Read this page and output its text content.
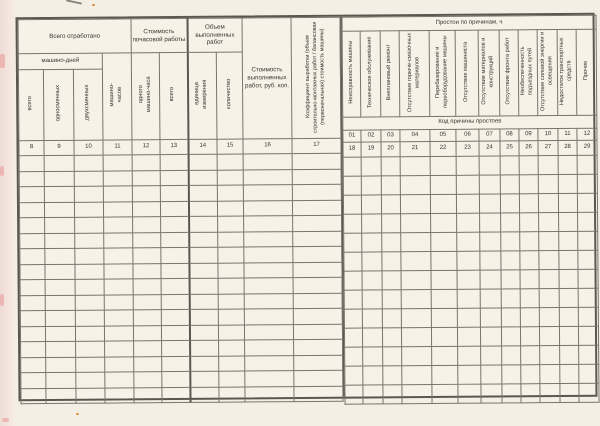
Всего отработано				Стоимость почасовой работы		Объем выполненных работ		Стоимость выполненных работ, руб. коп.	Коэффициент выработки (объем строительно-монтажных работ / балансовая (первоначальная) стоимость машины)
машино-дней			машино-часов	одного машино-часа	всего	единица измерения	количество		
всего	односменных	двухсменных							
8	9	10	11	12	13	14	15	16	17

Простои по причинам, ч											
Неисправность машины	Техническое обслуживание	Внеплановый ремонт	Отсутствие горюче-смазочных материалов	Перебазирование и переоборудование машины	Отсутствие машиниста	Отсутствие материалов и конструкций	Отсутствие фронта работ	Необеспеченность подъездных путей	Отсутствие силовой энергии и освещения	Недостаток транспортных средств	Прочие
Код причины простоев											
01	02	03	04	05	06	07	08	09	10	11	12
18	19	20	21	22	23	24	25	26	27	28	29
